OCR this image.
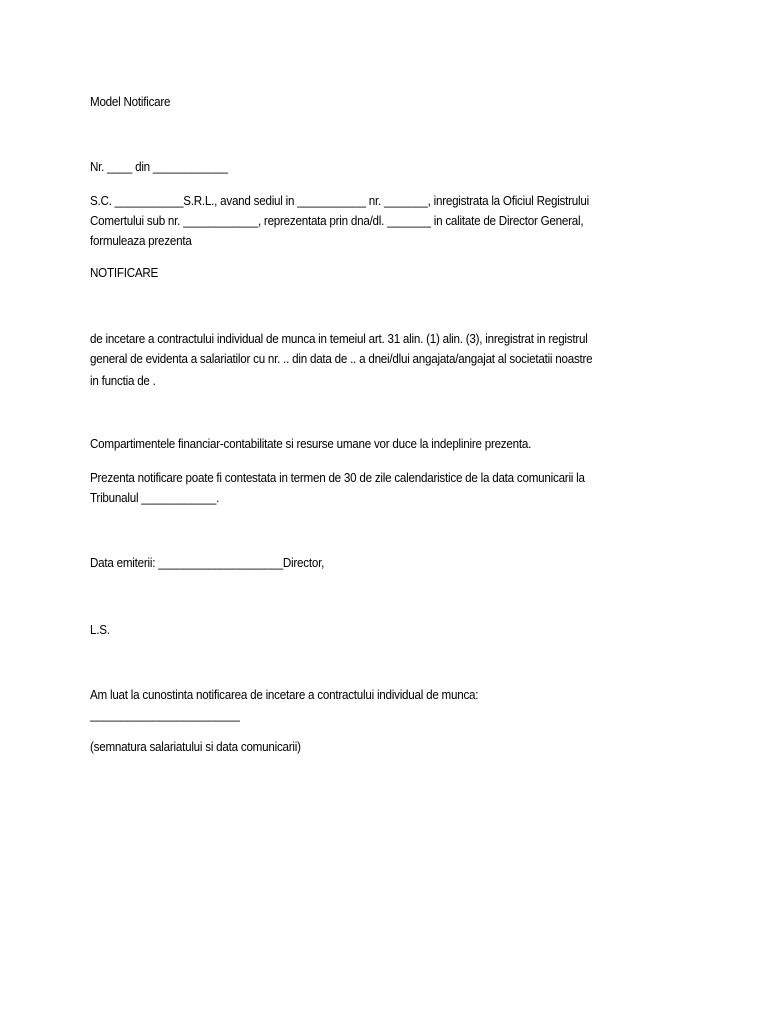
Model Notificare

Nr. ____ din ____________

S.C. ___________S.R.L., avand sediul in ___________ nr. _______, inregistrata la Oficiul Registrului

Comertului sub nr. ____________, reprezentata prin dna/dl. _______ in calitate de Director General,

formuleaza prezenta

NOTIFICARE

de incetare a contractului individual de munca in temeiul art. 31 alin. (1) alin. (3), inregistrat in registrul

general de evidenta a salariatilor cu nr. .. din data de .. a dnei/dlui angajata/angajat al societatii noastre

in functia de .

Compartimentele financiar-contabilitate si resurse umane vor duce la indeplinire prezenta.

Prezenta notificare poate fi contestata in termen de 30 de zile calendaristice de la data comunicarii la

Tribunalul ____________.

Data emiterii: ____________________Director,

L.S.

Am luat la cunostinta notificarea de incetare a contractului individual de munca:

________________________

(semnatura salariatului si data comunicarii)
